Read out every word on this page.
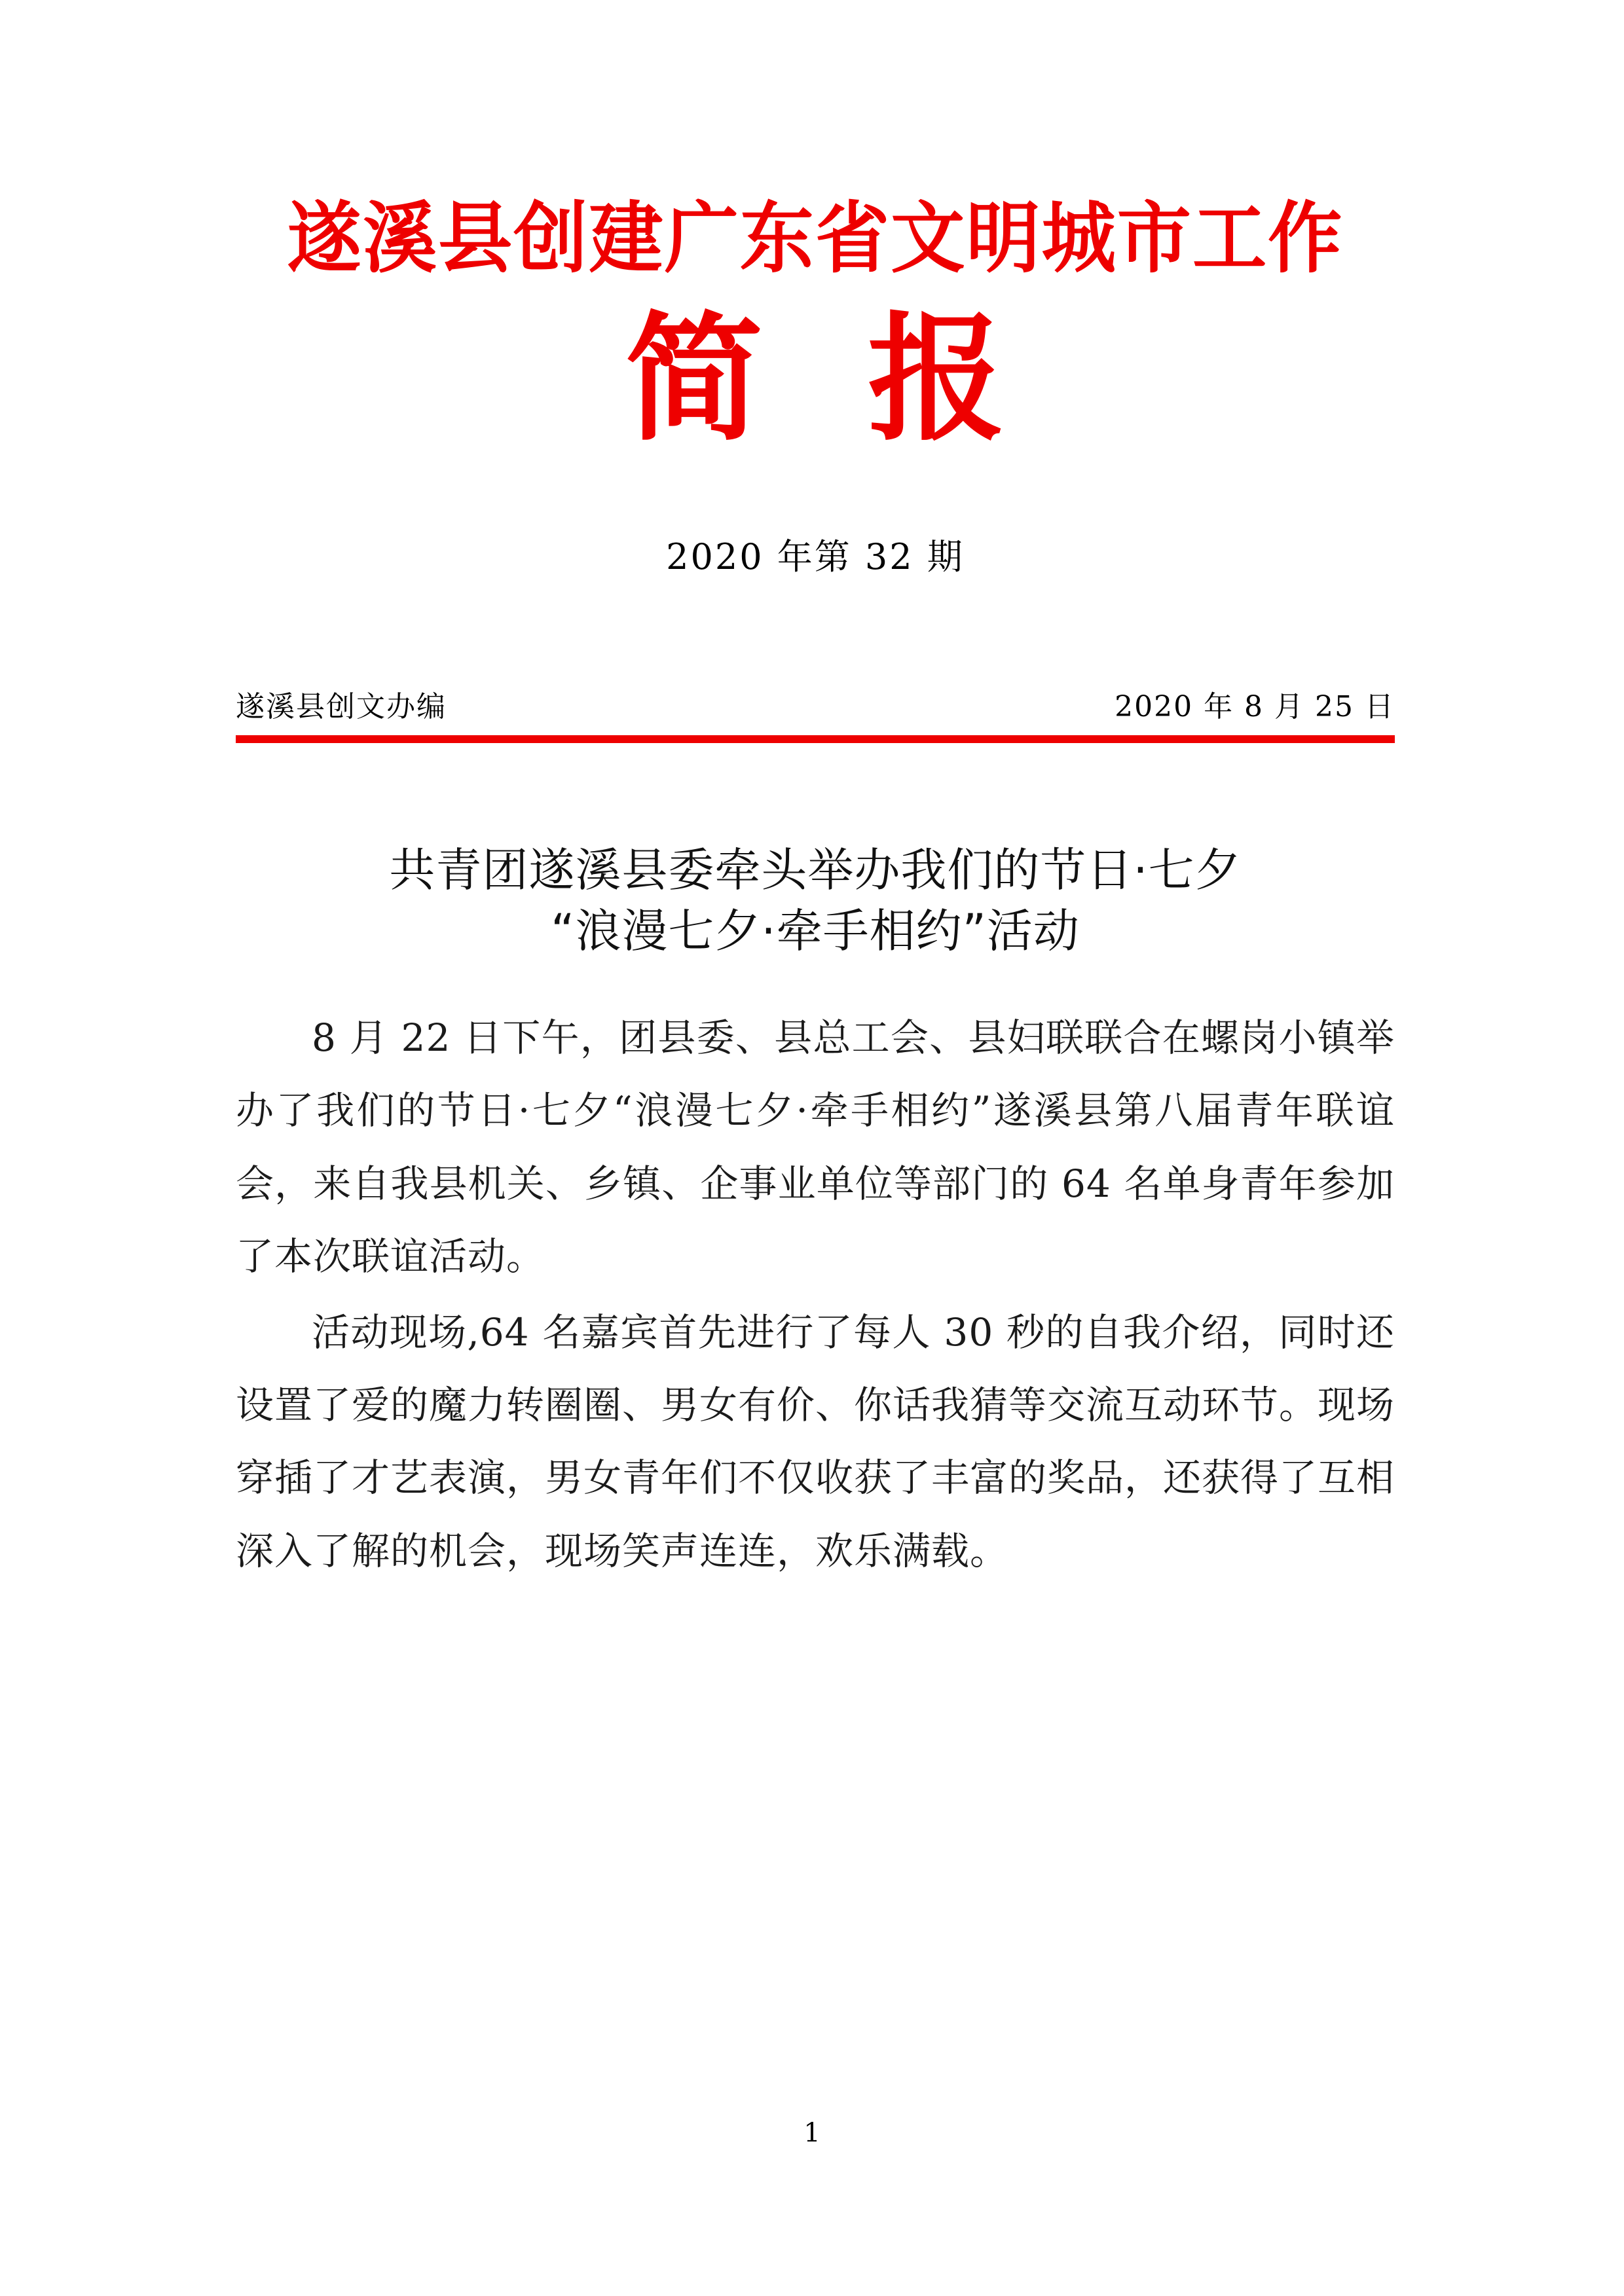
遂溪县创建广东省文明城市工作
简报
2020 年第 32 期
遂溪县创文办编	2020 年 8 月 25 日
共青团遂溪县委牵头举办我们的节日·七夕
“浪漫七夕·牵手相约”活动

8 月 22 日下午，团县委、县总工会、县妇联联合在螺岗小镇举办了我们的节日·七夕“浪漫七夕·牵手相约”遂溪县第八届青年联谊会，来自我县机关、乡镇、企事业单位等部门的 64 名单身青年参加了本次联谊活动。

活动现场,64 名嘉宾首先进行了每人 30 秒的自我介绍，同时还设置了爱的魔力转圈圈、男女有价、你话我猜等交流互动环节。现场穿插了才艺表演，男女青年们不仅收获了丰富的奖品，还获得了互相深入了解的机会，现场笑声连连，欢乐满载。

1
